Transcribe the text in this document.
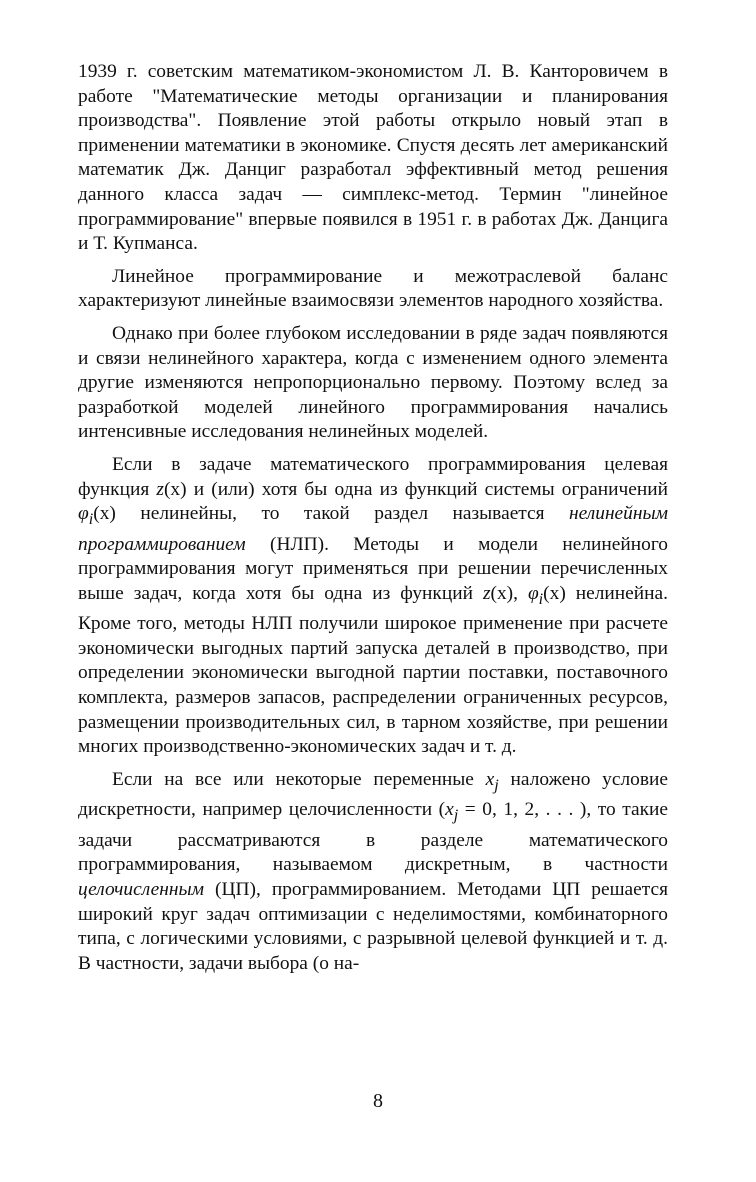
1939 г. советским математиком-экономистом Л. В. Канторовичем в работе "Математические методы организации и планирования производства". Появление этой работы открыло новый этап в применении математики в экономике. Спустя десять лет американский математик Дж. Данциг разработал эффективный метод решения данного класса задач — симплекс-метод. Термин "линейное программирование" впервые появился в 1951 г. в работах Дж. Данцига и Т. Купманса.

Линейное программирование и межотраслевой баланс характеризуют линейные взаимосвязи элементов народного хозяйства.

Однако при более глубоком исследовании в ряде задач появляются и связи нелинейного характера, когда с изменением одного элемента другие изменяются непропорционально первому. Поэтому вслед за разработкой моделей линейного программирования начались интенсивные исследования нелинейных моделей.

Если в задаче математического программирования целевая функция z(x) и (или) хотя бы одна из функций системы ограничений $\varphi_i(x)$ нелинейны, то такой раздел называется нелинейным программированием (НЛП). Методы и модели нелинейного программирования могут применяться при решении перечисленных выше задач, когда хотя бы одна из функций z(x), $\varphi_i(x)$ нелинейна. Кроме того, методы НЛП получили широкое применение при расчете экономически выгодных партий запуска деталей в производство, при определении экономически выгодной партии поставки, поставочного комплекта, размеров запасов, распределении ограниченных ресурсов, размещении производительных сил, в тарном хозяйстве, при решении многих производственно-экономических задач и т. д.

Если на все или некоторые переменные $x_j$ наложено условие дискретности, например целочисленности ($x_j = 0$, 1, 2, . . . ), то такие задачи рассматриваются в разделе математического программирования, называемом дискретным, в частности целочисленным (ЦП), программированием. Методами ЦП решается широкий круг задач оптимизации с неделимостями, комбинаторного типа, с логическими условиями, с разрывной целевой функцией и т. д. В частности, задачи выбора (о на-

8
